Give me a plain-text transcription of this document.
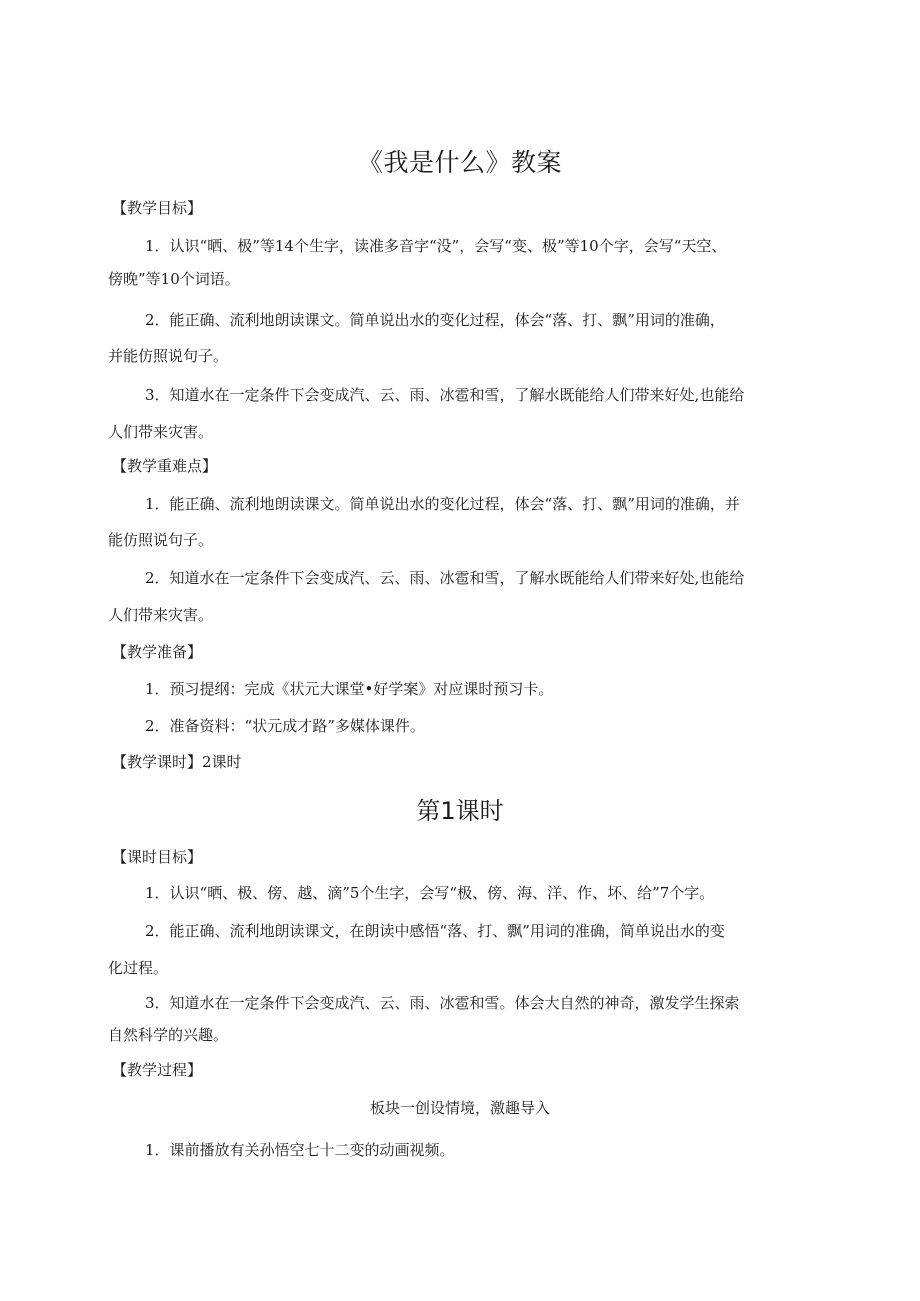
《我是什么》教案
【教学目标】
1．认识“晒、极”等14个生字，读准多音字“没”，会写“变、极”等10个字，会写“天空、
傍晚”等10个词语。
2．能正确、流利地朗读课文。简单说出水的变化过程，体会“落、打、飘”用词的准确，
并能仿照说句子。
3．知道水在一定条件下会变成汽、云、雨、冰雹和雪，了解水既能给人们带来好处,也能给
人们带来灾害。
【教学重难点】
1．能正确、流利地朗读课文。简单说出水的变化过程，体会“落、打、飘”用词的准确，并
能仿照说句子。
2．知道水在一定条件下会变成汽、云、雨、冰雹和雪，了解水既能给人们带来好处,也能给
人们带来灾害。
【教学准备】
1．预习提纲：完成《状元大课堂•好学案》对应课时预习卡。
2．准备资料：“状元成才路”多媒体课件。
【教学课时】2课时
第1课时
【课时目标】
1．认识“晒、极、傍、越、滴”5个生字，会写“极、傍、海、洋、作、坏、给”7个字。
2．能正确、流利地朗读课文，在朗读中感悟“落、打、飘”用词的准确，简单说出水的变
化过程。
3．知道水在一定条件下会变成汽、云、雨、冰雹和雪。体会大自然的神奇，激发学生探索
自然科学的兴趣。
【教学过程】
板块一创设情境，激趣导入
1．课前播放有关孙悟空七十二变的动画视频。
